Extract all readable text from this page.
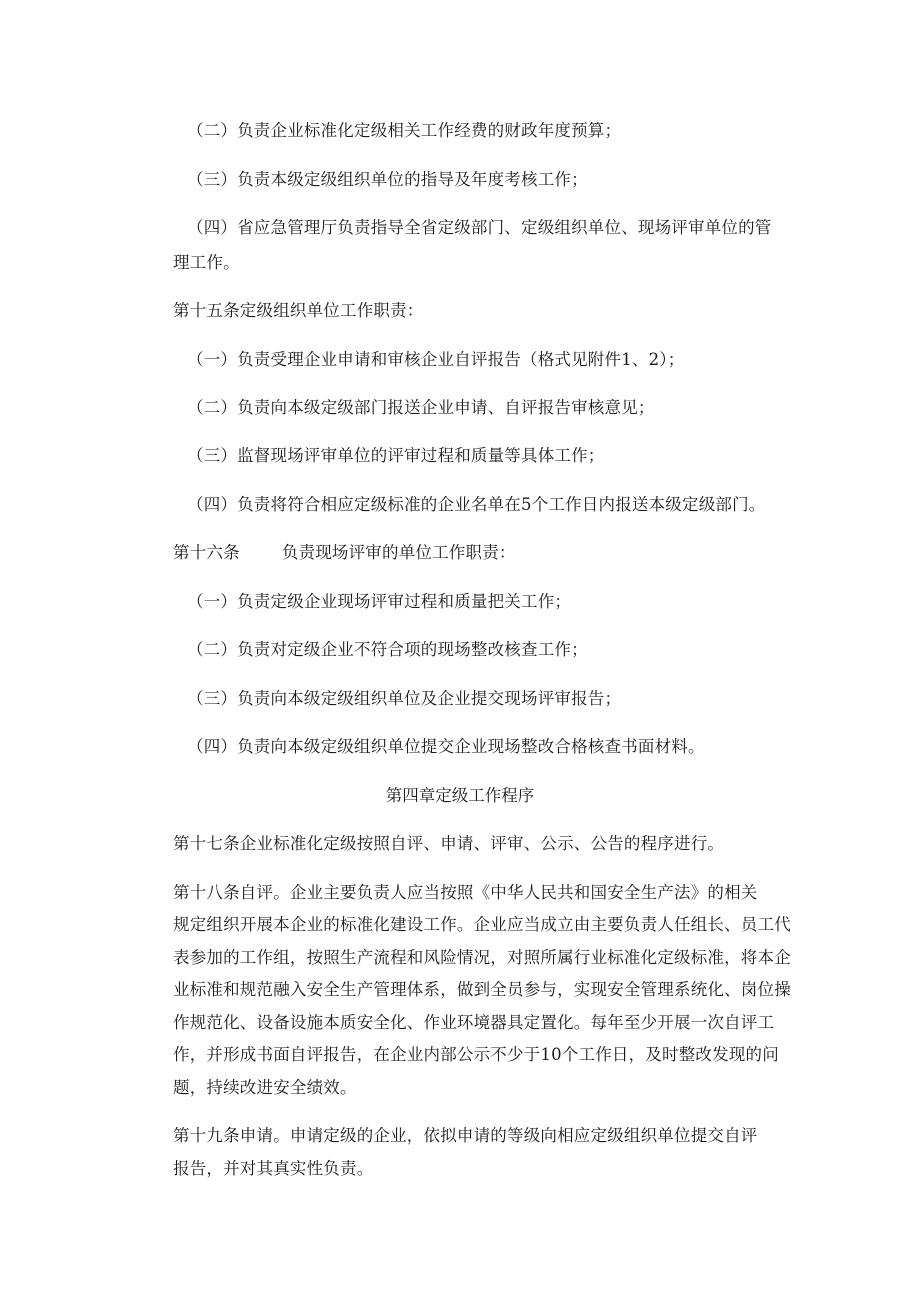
（二）负责企业标准化定级相关工作经费的财政年度预算；
（三）负责本级定级组织单位的指导及年度考核工作；
（四）省应急管理厅负责指导全省定级部门、定级组织单位、现场评审单位的管
理工作。
第十五条定级组织单位工作职责：
（一）负责受理企业申请和审核企业自评报告（格式见附件1、2）；
（二）负责向本级定级部门报送企业申请、自评报告审核意见；
（三）监督现场评审单位的评审过程和质量等具体工作；
（四）负责将符合相应定级标准的企业名单在5个工作日内报送本级定级部门。
第十六条	负责现场评审的单位工作职责：
（一）负责定级企业现场评审过程和质量把关工作；
（二）负责对定级企业不符合项的现场整改核查工作；
（三）负责向本级定级组织单位及企业提交现场评审报告；
（四）负责向本级定级组织单位提交企业现场整改合格核查书面材料。
第四章定级工作程序
第十七条企业标准化定级按照自评、申请、评审、公示、公告的程序进行。
第十八条自评。企业主要负责人应当按照《中华人民共和国安全生产法》的相关
规定组织开展本企业的标准化建设工作。企业应当成立由主要负责人任组长、员工代
表参加的工作组，按照生产流程和风险情况，对照所属行业标准化定级标准，将本企
业标准和规范融入安全生产管理体系，做到全员参与，实现安全管理系统化、岗位操
作规范化、设备设施本质安全化、作业环境器具定置化。每年至少开展一次自评工
作，并形成书面自评报告，在企业内部公示不少于10个工作日，及时整改发现的问
题，持续改进安全绩效。
第十九条申请。申请定级的企业，依拟申请的等级向相应定级组织单位提交自评
报告，并对其真实性负责。
